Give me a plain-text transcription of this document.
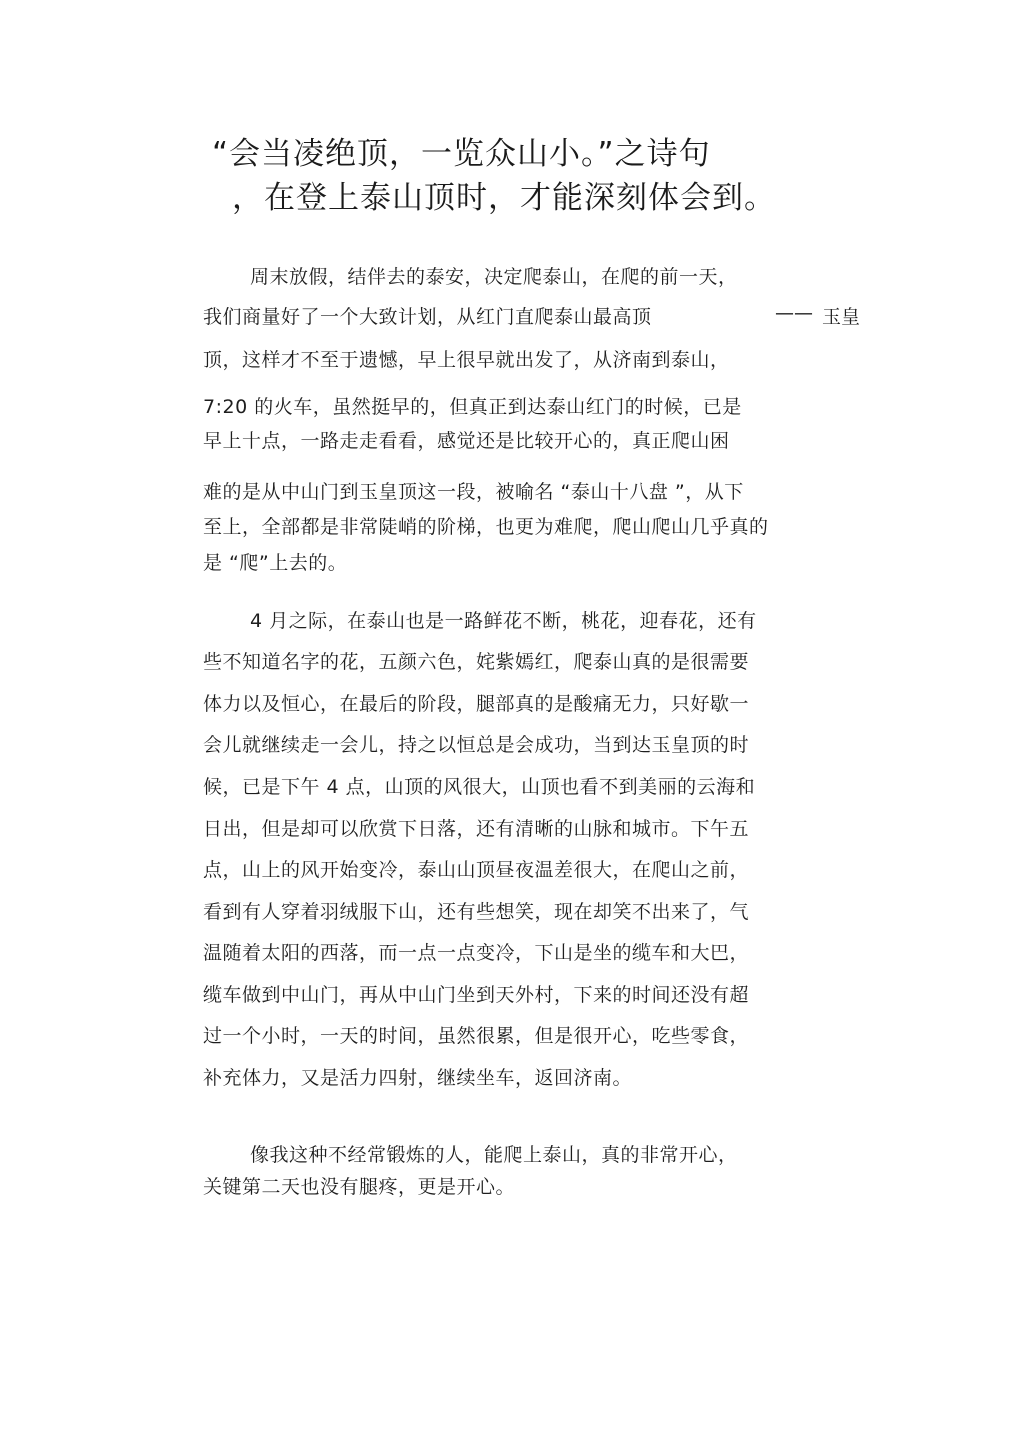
“会当凌绝顶，一览众山小。”之诗句
，在登上泰山顶时，才能深刻体会到。
周末放假，结伴去的泰安，决定爬泰山，在爬的前一天，
我们商量好了一个大致计划，从红门直爬泰山最高顶	—— 玉皇
顶，这样才不至于遗憾，早上很早就出发了，从济南到泰山，
7:20 的火车，虽然挺早的，但真正到达泰山红门的时候，已是
早上十点，一路走走看看，感觉还是比较开心的，真正爬山困
难的是从中山门到玉皇顶这一段，被喻名 “泰山十八盘 ”，从下
至上，全部都是非常陡峭的阶梯，也更为难爬，爬山爬山几乎真的
是 “爬”上去的。
4 月之际，在泰山也是一路鲜花不断，桃花，迎春花，还有
些不知道名字的花，五颜六色，姹紫嫣红，爬泰山真的是很需要
体力以及恒心，在最后的阶段，腿部真的是酸痛无力，只好歇一
会儿就继续走一会儿，持之以恒总是会成功，当到达玉皇顶的时
候，已是下午 4 点，山顶的风很大，山顶也看不到美丽的云海和
日出，但是却可以欣赏下日落，还有清晰的山脉和城市。下午五
点，山上的风开始变冷，泰山山顶昼夜温差很大，在爬山之前，
看到有人穿着羽绒服下山，还有些想笑，现在却笑不出来了，气
温随着太阳的西落，而一点一点变冷，下山是坐的缆车和大巴，
缆车做到中山门，再从中山门坐到天外村，下来的时间还没有超
过一个小时，一天的时间，虽然很累，但是很开心，吃些零食，
补充体力，又是活力四射，继续坐车，返回济南。
像我这种不经常锻炼的人，能爬上泰山，真的非常开心，
关键第二天也没有腿疼，更是开心。
